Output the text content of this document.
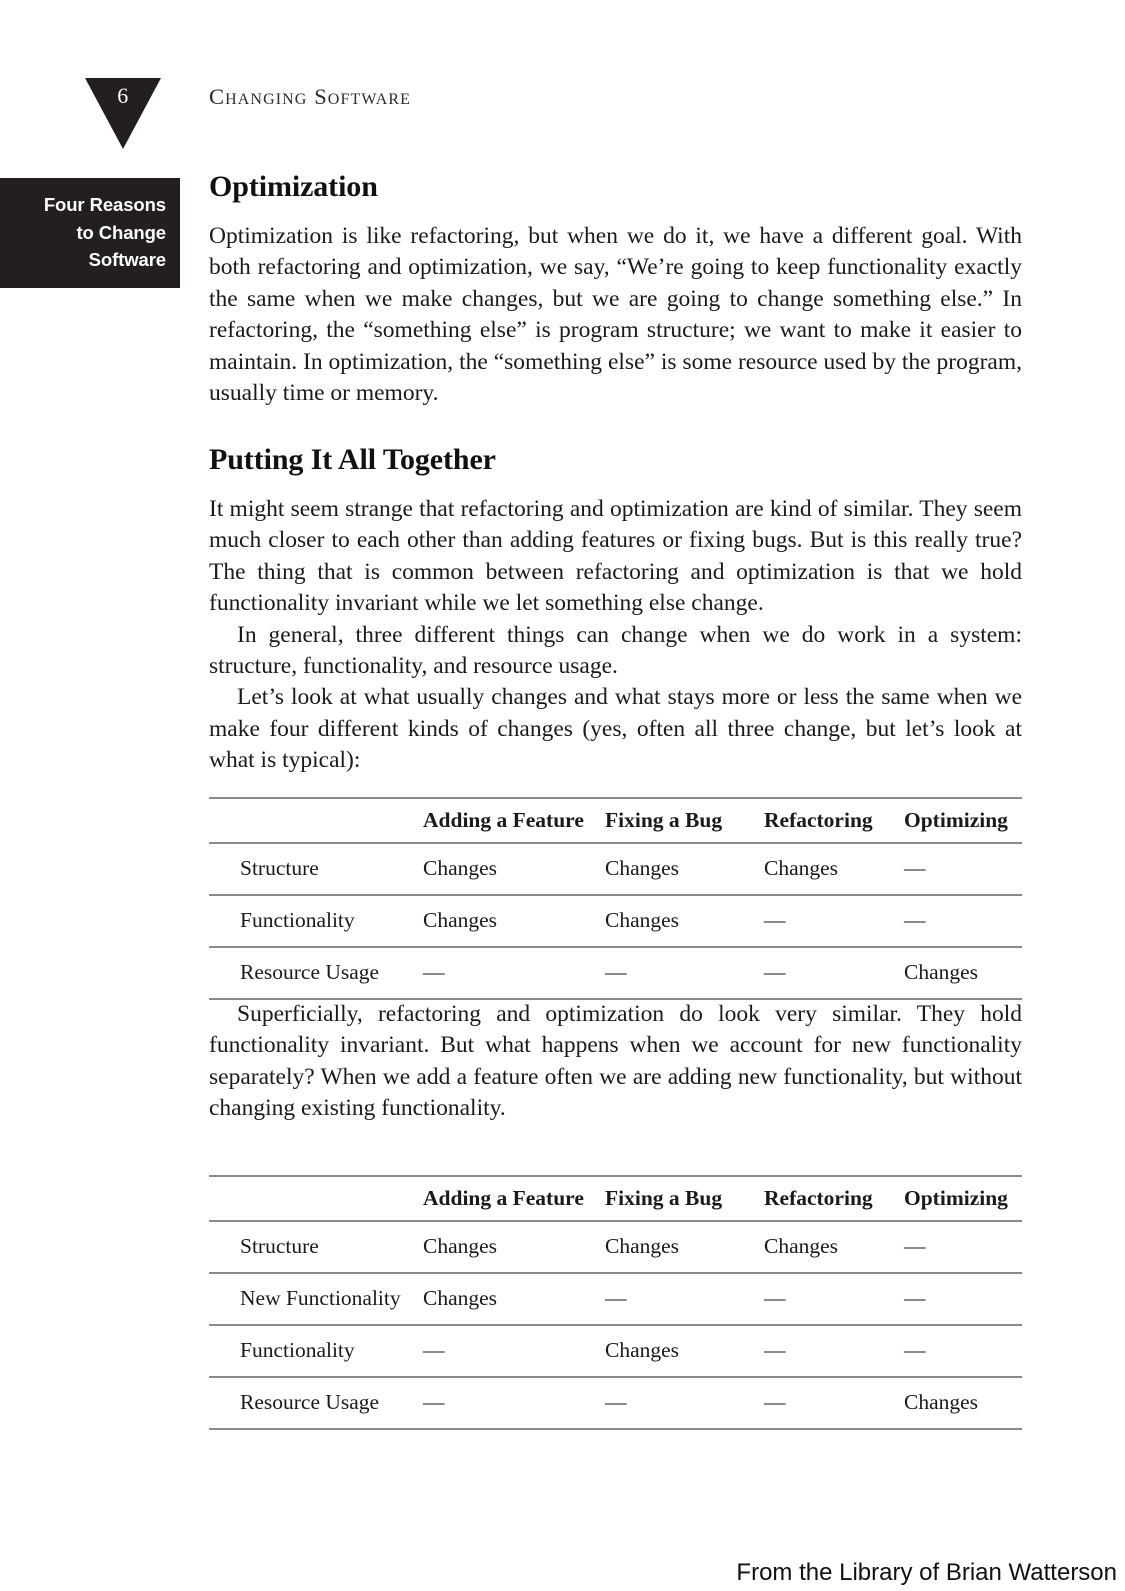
6	Changing Software
Four Reasons
to Change
Software
Optimization

Optimization is like refactoring, but when we do it, we have a different goal. With both refactoring and optimization, we say, “We’re going to keep functionality exactly the same when we make changes, but we are going to change something else.” In refactoring, the “something else” is program structure; we want to make it easier to maintain. In optimization, the “something else” is some resource used by the program, usually time or memory.

Putting It All Together

It might seem strange that refactoring and optimization are kind of similar. They seem much closer to each other than adding features or fixing bugs. But is this really true? The thing that is common between refactoring and optimization is that we hold functionality invariant while we let something else change.

In general, three different things can change when we do work in a system: structure, functionality, and resource usage.

Let’s look at what usually changes and what stays more or less the same when we make four different kinds of changes (yes, often all three change, but let’s look at what is typical):

	Adding a Feature	Fixing a Bug	Refactoring	Optimizing
Structure	Changes	Changes	Changes	—
Functionality	Changes	Changes	—	—
Resource Usage	—	—	—	Changes

Superficially, refactoring and optimization do look very similar. They hold functionality invariant. But what happens when we account for new functionality separately? When we add a feature often we are adding new functionality, but without changing existing functionality.

	Adding a Feature	Fixing a Bug	Refactoring	Optimizing
Structure	Changes	Changes	Changes	—
New Functionality	Changes	—	—	—
Functionality	—	Changes	—	—
Resource Usage	—	—	—	Changes
From the Library of Brian Watterson
